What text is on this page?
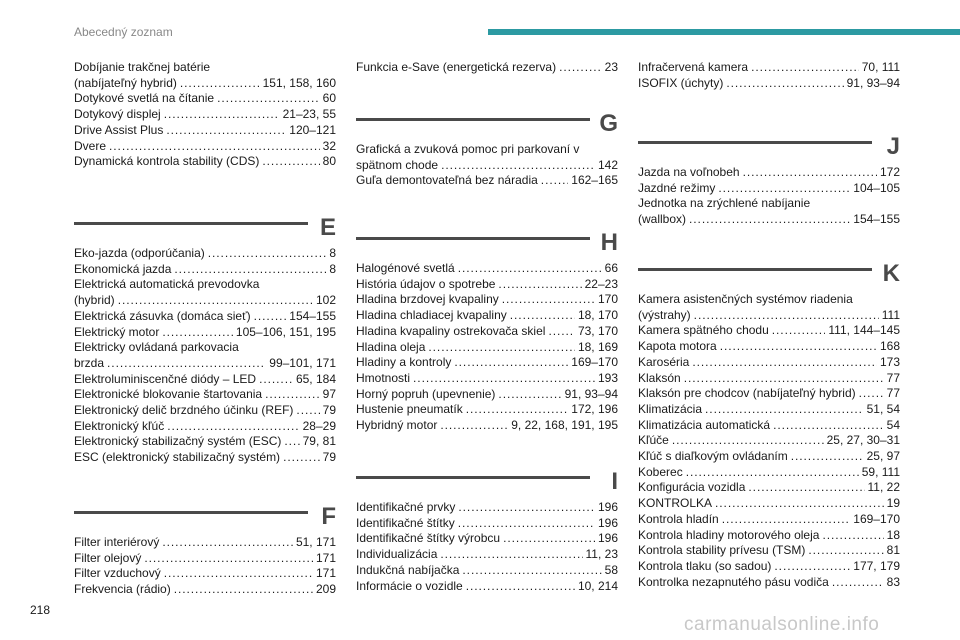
Abecedný zoznam
218
Dobíjanie trakčnej batérie
(nabíjateľný hybrid) . . .	151, 158, 160
Dotykové svetlá na čítanie . . .	60
Dotykový displej . . .	21–23, 55
Drive Assist Plus . . .	120–121
Dvere . . .	32
Dynamická kontrola stability (CDS) . . .	80
E
Eko-jazda (odporúčania) . . .	8
Ekonomická jazda . . .	8
Elektrická automatická prevodovka
(hybrid) . . .	102
Elektrická zásuvka (domáca sieť) . . .	154–155
Elektrický motor . . .	105–106, 151, 195
Elektricky ovládaná parkovacia
brzda . . .	99–101, 171
Elektroluminiscenčné diódy – LED . . .	65, 184
Elektronické blokovanie štartovania . . .	97
Elektronický delič brzdného účinku (REF) . . . 79
Elektronický kľúč . . .	28–29
Elektronický stabilizačný systém (ESC) . . . 79, 81
ESC (elektronický stabilizačný systém) . . .	79
F
Filter interiérový . . .	51, 171
Filter olejový . . .	171
Filter vzduchový . . .	171
Frekvencia (rádio) . . .	209
Funkcia e-Save (energetická rezerva) . . .	23
G
Grafická a zvuková pomoc pri parkovaní v
spätnom chode . . .	142
Guľa demontovateľná bez náradia . . .	162–165
H
Halogénové svetlá . . .	66
História údajov o spotrebe . . .	22–23
Hladina brzdovej kvapaliny . . .	170
Hladina chladiacej kvapaliny . . .	18, 170
Hladina kvapaliny ostrekovača skiel . . .	73, 170
Hladina oleja . . .	18, 169
Hladiny a kontroly . . .	169–170
Hmotnosti . . .	193
Horný popruh (upevnenie) . . .	91, 93–94
Hustenie pneumatík . . .	172, 196
Hybridný motor . . .	9, 22, 168, 191, 195
I
Identifikačné prvky . . .	196
Identifikačné štítky . . .	196
Identifikačné štítky výrobcu . . .	196
Individualizácia . . .	11, 23
Indukčná nabíjačka . . .	58
Informácie o vozidle . . .	10, 214
Infračervená kamera . . .	70, 111
ISOFIX (úchyty) . . .	91, 93–94
J
Jazda na voľnobeh . . .	172
Jazdné režimy . . .	104–105
Jednotka na zrýchlené nabíjanie
(wallbox) . . .	154–155
K
Kamera asistenčných systémov riadenia
(výstrahy) . . .	111
Kamera spätného chodu . . .	111, 144–145
Kapota motora . . .	168
Karoséria . . .	173
Klaksón . . .	77
Klaksón pre chodcov (nabíjateľný hybrid) . . .	77
Klimatizácia . . .	51, 54
Klimatizácia automatická . . .	54
Kľúče . . .	25, 27, 30–31
Kľúč s diaľkovým ovládaním . . .	25, 97
Koberec . . .	59, 111
Konfigurácia vozidla . . .	11, 22
KONTROLKA . . .	19
Kontrola hladín . . .	169–170
Kontrola hladiny motorového oleja . . .	18
Kontrola stability prívesu (TSM) . . .	81
Kontrola tlaku (so sadou) . . .	177, 179
Kontrolka nezapnutého pásu vodiča . . .	83
carmanualsonline.info
